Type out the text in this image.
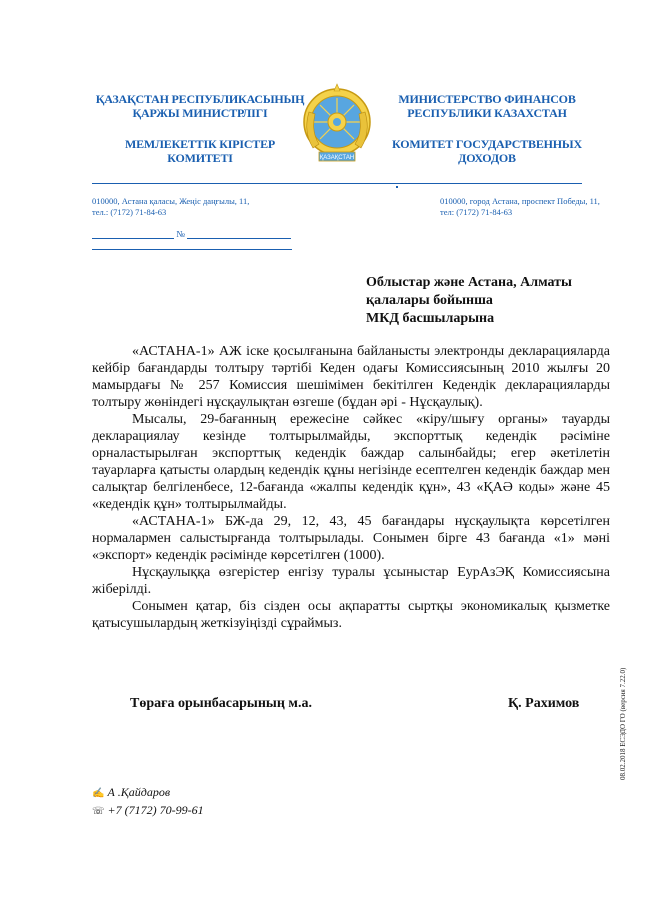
ҚАЗАҚСТАН РЕСПУБЛИКАСЫНЫҢ ҚАРЖЫ МИНИСТРЛІГІ
МЕМЛЕКЕТТІК КІРІСТЕР КОМИТЕТІ
МИНИСТЕРСТВО ФИНАНСОВ РЕСПУБЛИКИ КАЗАХСТАН
КОМИТЕТ ГОСУДАРСТВЕННЫХ ДОХОДОВ
ҚАЗАҚСТАН
010000, Астана қаласы, Жеңіс даңғылы, 11,
тел.: (7172) 71-84-63
010000, город Астана, проспект Победы, 11,
тел: (7172) 71-84-63
№
Облыстар және Астана, Алматы
қалалары бойынша
МКД басшыларына

«АСТАНА-1» АЖ іске қосылғанына байланысты электронды декларацияларда кейбір бағандарды толтыру тәртібі Кеден одағы Комиссиясының 2010 жылғы 20 мамырдағы № 257 Комиссия шешімімен бекітілген Кедендік декларацияларды толтыру жөніндегі нұсқаулықтан өзгеше (бұдан әрі - Нұсқаулық).

Мысалы, 29-бағанның ережесіне сәйкес «кіру/шығу органы» тауарды декларациялау кезінде толтырылмайды, экспорттық кедендік рәсіміне орналастырылған экспорттық кедендік баждар салынбайды; егер әкетілетін тауарларға қатысты олардың кедендік құны негізінде есептелген кедендік баждар мен салықтар белгіленбесе, 12-бағанда «жалпы кедендік құн», 43 «ҚАӘ коды» және 45 «кедендік құн» толтырылмайды.

«АСТАНА-1» БЖ-да 29, 12, 43, 45 бағандары нұсқаулықта көрсетілген нормалармен салыстырғанда толтырылады. Сонымен бірге 43 бағанда «1» мәні «экспорт» кедендік рәсімінде көрсетілген (1000).

Нұсқаулыққа өзгерістер енгізу туралы ұсыныстар ЕурАзЭҚ Комиссиясына жіберілді.

Сонымен қатар, біз сізден осы ақпаратты сыртқы экономикалық қызметке қатысушылардың жеткізуіңізді сұраймыз.

Төраға орынбасарының м.а.	Қ. Рахимов
✍ А .Қайдаров
☏ +7 (7172) 70-99-61
08.02.2018 ЕСЭДО ГО (версия 7.22.0)
